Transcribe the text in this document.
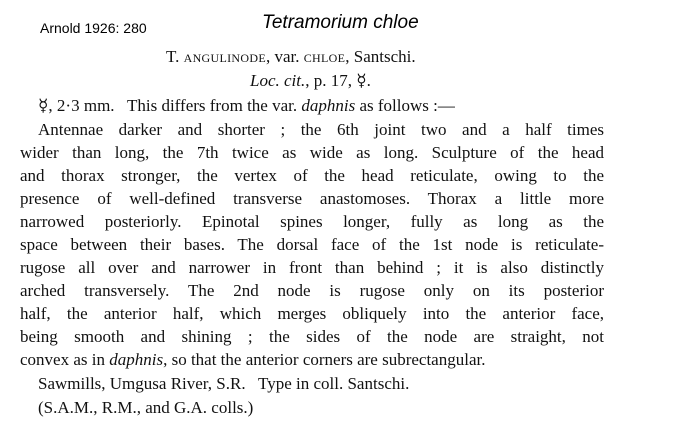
Arnold 1926: 280	Tetramorium chloe
T. angulinode, var. chloe, Santschi.
Loc. cit., p. 17, ☿.
☿, 2·3 mm.   This differs from the var. daphnis as follows :—
Antennae darker and shorter ; the 6th joint two and a half times
wider than long, the 7th twice as wide as long. Sculpture of the head
and thorax stronger, the vertex of the head reticulate, owing to the
presence of well-defined transverse anastomoses. Thorax a little more
narrowed posteriorly. Epinotal spines longer, fully as long as the
space between their bases. The dorsal face of the 1st node is reticulate-
rugose all over and narrower in front than behind ; it is also distinctly
arched transversely. The 2nd node is rugose only on its posterior
half, the anterior half, which merges obliquely into the anterior face,
being smooth and shining ; the sides of the node are straight, not
convex as in daphnis, so that the anterior corners are subrectangular.
Sawmills, Umgusa River, S.R.   Type in coll. Santschi.
(S.A.M., R.M., and G.A. colls.)
